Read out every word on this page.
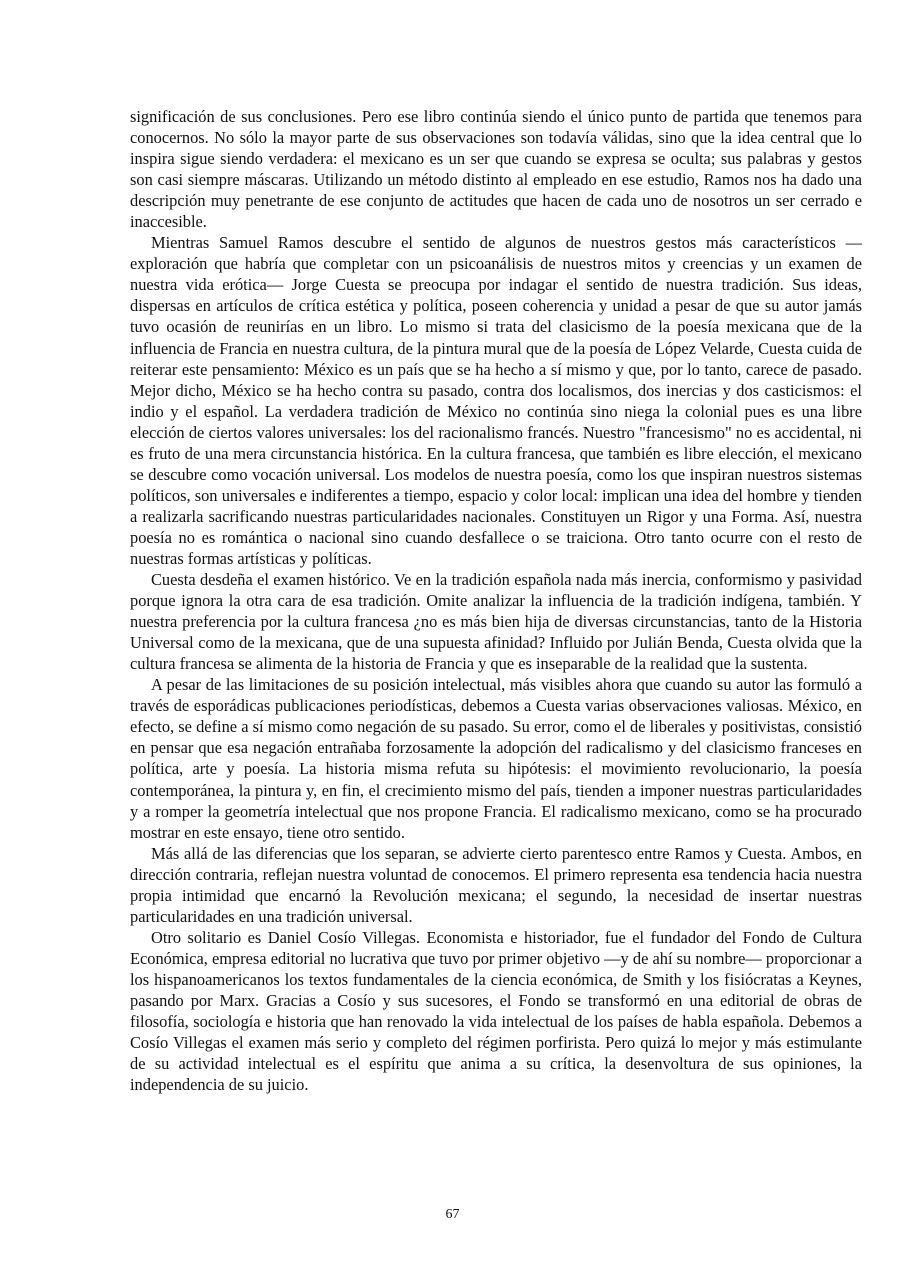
significación de sus conclusiones. Pero ese libro continúa siendo el único punto de partida que tenemos para conocernos. No sólo la mayor parte de sus observaciones son todavía válidas, sino que la idea central que lo inspira sigue siendo verdadera: el mexicano es un ser que cuando se expresa se oculta; sus palabras y gestos son casi siempre máscaras. Utilizando un método distinto al empleado en ese estudio, Ramos nos ha dado una descripción muy penetrante de ese conjunto de actitudes que hacen de cada uno de nosotros un ser cerrado e inaccesible.

Mientras Samuel Ramos descubre el sentido de algunos de nuestros gestos más característicos —exploración que habría que completar con un psicoanálisis de nuestros mitos y creencias y un examen de nuestra vida erótica— Jorge Cuesta se preocupa por indagar el sentido de nuestra tradición. Sus ideas, dispersas en artículos de crítica estética y política, poseen coherencia y unidad a pesar de que su autor jamás tuvo ocasión de reunirías en un libro. Lo mismo si trata del clasicismo de la poesía mexicana que de la influencia de Francia en nuestra cultura, de la pintura mural que de la poesía de López Velarde, Cuesta cuida de reiterar este pensamiento: México es un país que se ha hecho a sí mismo y que, por lo tanto, carece de pasado. Mejor dicho, México se ha hecho contra su pasado, contra dos localismos, dos inercias y dos casticismos: el indio y el español. La verdadera tradición de México no continúa sino niega la colonial pues es una libre elección de ciertos valores universales: los del racionalismo francés. Nuestro "francesismo" no es accidental, ni es fruto de una mera circunstancia histórica. En la cultura francesa, que también es libre elección, el mexicano se descubre como vocación universal. Los modelos de nuestra poesía, como los que inspiran nuestros sistemas políticos, son universales e indiferentes a tiempo, espacio y color local: implican una idea del hombre y tienden a realizarla sacrificando nuestras particularidades nacionales. Constituyen un Rigor y una Forma. Así, nuestra poesía no es romántica o nacional sino cuando desfallece o se traiciona. Otro tanto ocurre con el resto de nuestras formas artísticas y políticas.

Cuesta desdeña el examen histórico. Ve en la tradición española nada más inercia, conformismo y pasividad porque ignora la otra cara de esa tradición. Omite analizar la influencia de la tradición indígena, también. Y nuestra preferencia por la cultura francesa ¿no es más bien hija de diversas circunstancias, tanto de la Historia Universal como de la mexicana, que de una supuesta afinidad? Influido por Julián Benda, Cuesta olvida que la cultura francesa se alimenta de la historia de Francia y que es inseparable de la realidad que la sustenta.

A pesar de las limitaciones de su posición intelectual, más visibles ahora que cuando su autor las formuló a través de esporádicas publicaciones periodísticas, debemos a Cuesta varias observaciones valiosas. México, en efecto, se define a sí mismo como negación de su pasado. Su error, como el de liberales y positivistas, consistió en pensar que esa negación entrañaba forzosamente la adopción del radicalismo y del clasicismo franceses en política, arte y poesía. La historia misma refuta su hipótesis: el movimiento revolucionario, la poesía contemporánea, la pintura y, en fin, el crecimiento mismo del país, tienden a imponer nuestras particularidades y a romper la geometría intelectual que nos propone Francia. El radicalismo mexicano, como se ha procurado mostrar en este ensayo, tiene otro sentido.

Más allá de las diferencias que los separan, se advierte cierto parentesco entre Ramos y Cuesta. Ambos, en dirección contraria, reflejan nuestra voluntad de conocemos. El primero representa esa tendencia hacia nuestra propia intimidad que encarnó la Revolución mexicana; el segundo, la necesidad de insertar nuestras particularidades en una tradición universal.

Otro solitario es Daniel Cosío Villegas. Economista e historiador, fue el fundador del Fondo de Cultura Económica, empresa editorial no lucrativa que tuvo por primer objetivo —y de ahí su nombre— proporcionar a los hispanoamericanos los textos fundamentales de la ciencia económica, de Smith y los fisiócratas a Keynes, pasando por Marx. Gracias a Cosío y sus sucesores, el Fondo se transformó en una editorial de obras de filosofía, sociología e historia que han renovado la vida intelectual de los países de habla española. Debemos a Cosío Villegas el examen más serio y completo del régimen porfirista. Pero quizá lo mejor y más estimulante de su actividad intelectual es el espíritu que anima a su crítica, la desenvoltura de sus opiniones, la independencia de su juicio.

67
